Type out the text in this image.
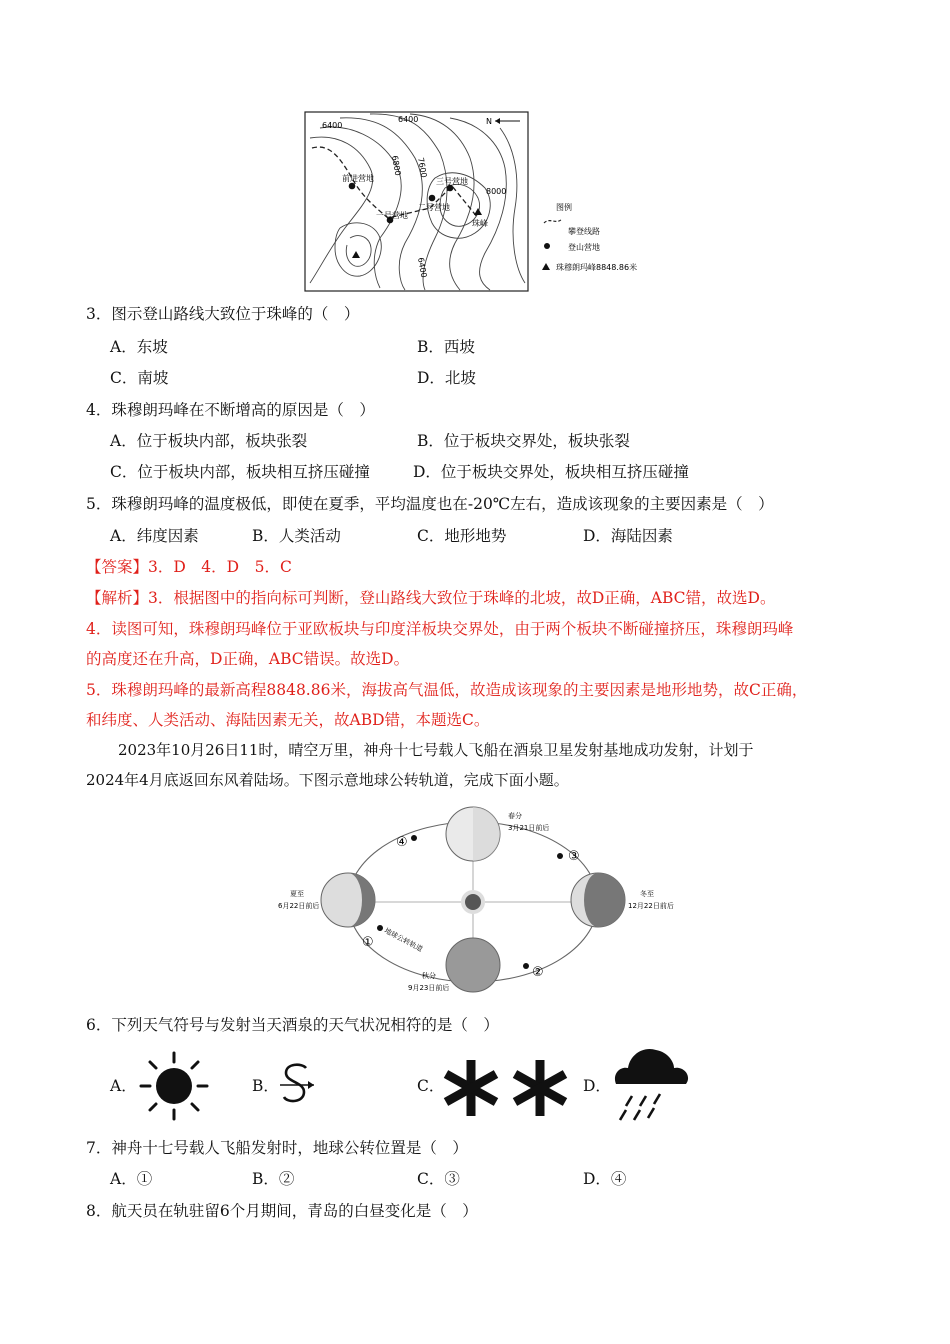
N
6400
6400
6800 7600
8000
6400
前进营地
一号营地
二号营地
三号营地
珠峰
图例
攀登线路
登山营地
珠穆朗玛峰8848.86米
3．图示登山路线大致位于珠峰的（　）
A．东坡	B．西坡
C．南坡	D．北坡
4．珠穆朗玛峰在不断增高的原因是（　）
A．位于板块内部，板块张裂	B．位于板块交界处，板块张裂
C．位于板块内部，板块相互挤压碰撞	D．位于板块交界处，板块相互挤压碰撞
5．珠穆朗玛峰的温度极低，即使在夏季，平均温度也在-20℃左右，造成该现象的主要因素是（　）
A．纬度因素	B．人类活动	C．地形地势	D．海陆因素
【答案】3．D　4．D　5．C
【解析】3．根据图中的指向标可判断，登山路线大致位于珠峰的北坡，故D正确，ABC错，故选D。
4．读图可知，珠穆朗玛峰位于亚欧板块与印度洋板块交界处，由于两个板块不断碰撞挤压，珠穆朗玛峰
的高度还在升高，D正确，ABC错误。故选D。
5．珠穆朗玛峰的最新高程8848.86米，海拔高气温低，故造成该现象的主要因素是地形地势，故C正确，
和纬度、人类活动、海陆因素无关，故ABD错，本题选C。
2023年10月26日11时，晴空万里，神舟十七号载人飞船在酒泉卫星发射基地成功发射，计划于
2024年4月底返回东风着陆场。下图示意地球公转轨道，完成下面小题。
春分
3月21日前后
夏至
6月22日前后
冬至
12月22日前后
秋分
9月23日前后
地球公转轨道
④
③
①
②
6．下列天气符号与发射当天酒泉的天气状况相符的是（　）
A．	B．	C．	D．
7．神舟十七号载人飞船发射时，地球公转位置是（　）
A．①	B．②	C．③	D．④
8．航天员在轨驻留6个月期间，青岛的白昼变化是（　）
